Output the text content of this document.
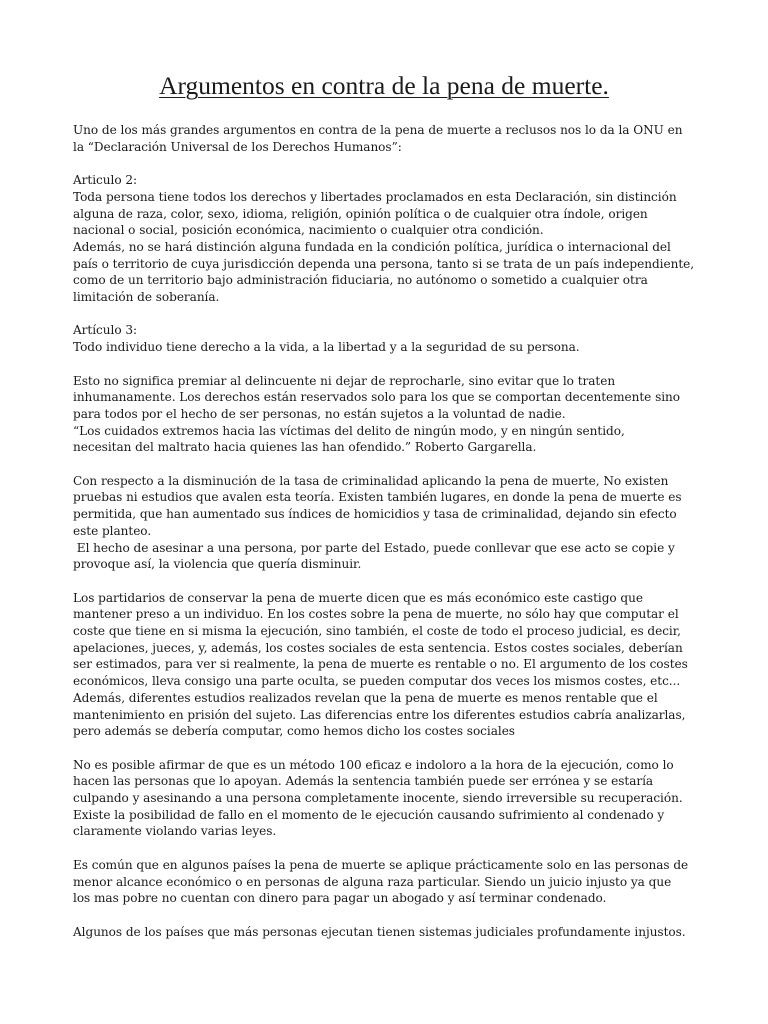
Argumentos en contra de la pena de muerte.

Uno de los más grandes argumentos en contra de la pena de muerte a reclusos nos lo da la ONU en
la “Declaración Universal de los Derechos Humanos”:

Articulo 2:
Toda persona tiene todos los derechos y libertades proclamados en esta Declaración, sin distinción
alguna de raza, color, sexo, idioma, religión, opinión política o de cualquier otra índole, origen
nacional o social, posición económica, nacimiento o cualquier otra condición.
Además, no se hará distinción alguna fundada en la condición política, jurídica o internacional del
país o territorio de cuya jurisdicción dependa una persona, tanto si se trata de un país independiente,
como de un territorio bajo administración fiduciaria, no autónomo o sometido a cualquier otra
limitación de soberanía.

Artículo 3:
Todo individuo tiene derecho a la vida, a la libertad y a la seguridad de su persona.

Esto no significa premiar al delincuente ni dejar de reprocharle, sino evitar que lo traten
inhumanamente. Los derechos están reservados solo para los que se comportan decentemente sino
para todos por el hecho de ser personas, no están sujetos a la voluntad de nadie.
“Los cuidados extremos hacia las víctimas del delito de ningún modo, y en ningún sentido,
necesitan del maltrato hacia quienes las han ofendido.” Roberto Gargarella.

Con respecto a la disminución de la tasa de criminalidad aplicando la pena de muerte, No existen
pruebas ni estudios que avalen esta teoría. Existen también lugares, en donde la pena de muerte es
permitida, que han aumentado sus índices de homicidios y tasa de criminalidad, dejando sin efecto
este planteo.
El hecho de asesinar a una persona, por parte del Estado, puede conllevar que ese acto se copie y
provoque así, la violencia que quería disminuir.

Los partidarios de conservar la pena de muerte dicen que es más económico este castigo que
mantener preso a un individuo. En los costes sobre la pena de muerte, no sólo hay que computar el
coste que tiene en si misma la ejecución, sino también, el coste de todo el proceso judicial, es decir,
apelaciones, jueces, y, además, los costes sociales de esta sentencia. Estos costes sociales, deberían
ser estimados, para ver si realmente, la pena de muerte es rentable o no. El argumento de los costes
económicos, lleva consigo una parte oculta, se pueden computar dos veces los mismos costes, etc...
Además, diferentes estudios realizados revelan que la pena de muerte es menos rentable que el
mantenimiento en prisión del sujeto. Las diferencias entre los diferentes estudios cabría analizarlas,
pero además se debería computar, como hemos dicho los costes sociales

No es posible afirmar de que es un método 100 eficaz e indoloro a la hora de la ejecución, como lo
hacen las personas que lo apoyan. Además la sentencia también puede ser errónea y se estaría
culpando y asesinando a una persona completamente inocente, siendo irreversible su recuperación.
Existe la posibilidad de fallo en el momento de le ejecución causando sufrimiento al condenado y
claramente violando varias leyes.

Es común que en algunos países la pena de muerte se aplique prácticamente solo en las personas de
menor alcance económico o en personas de alguna raza particular. Siendo un juicio injusto ya que
los mas pobre no cuentan con dinero para pagar un abogado y así terminar condenado.

Algunos de los países que más personas ejecutan tienen sistemas judiciales profundamente injustos.
